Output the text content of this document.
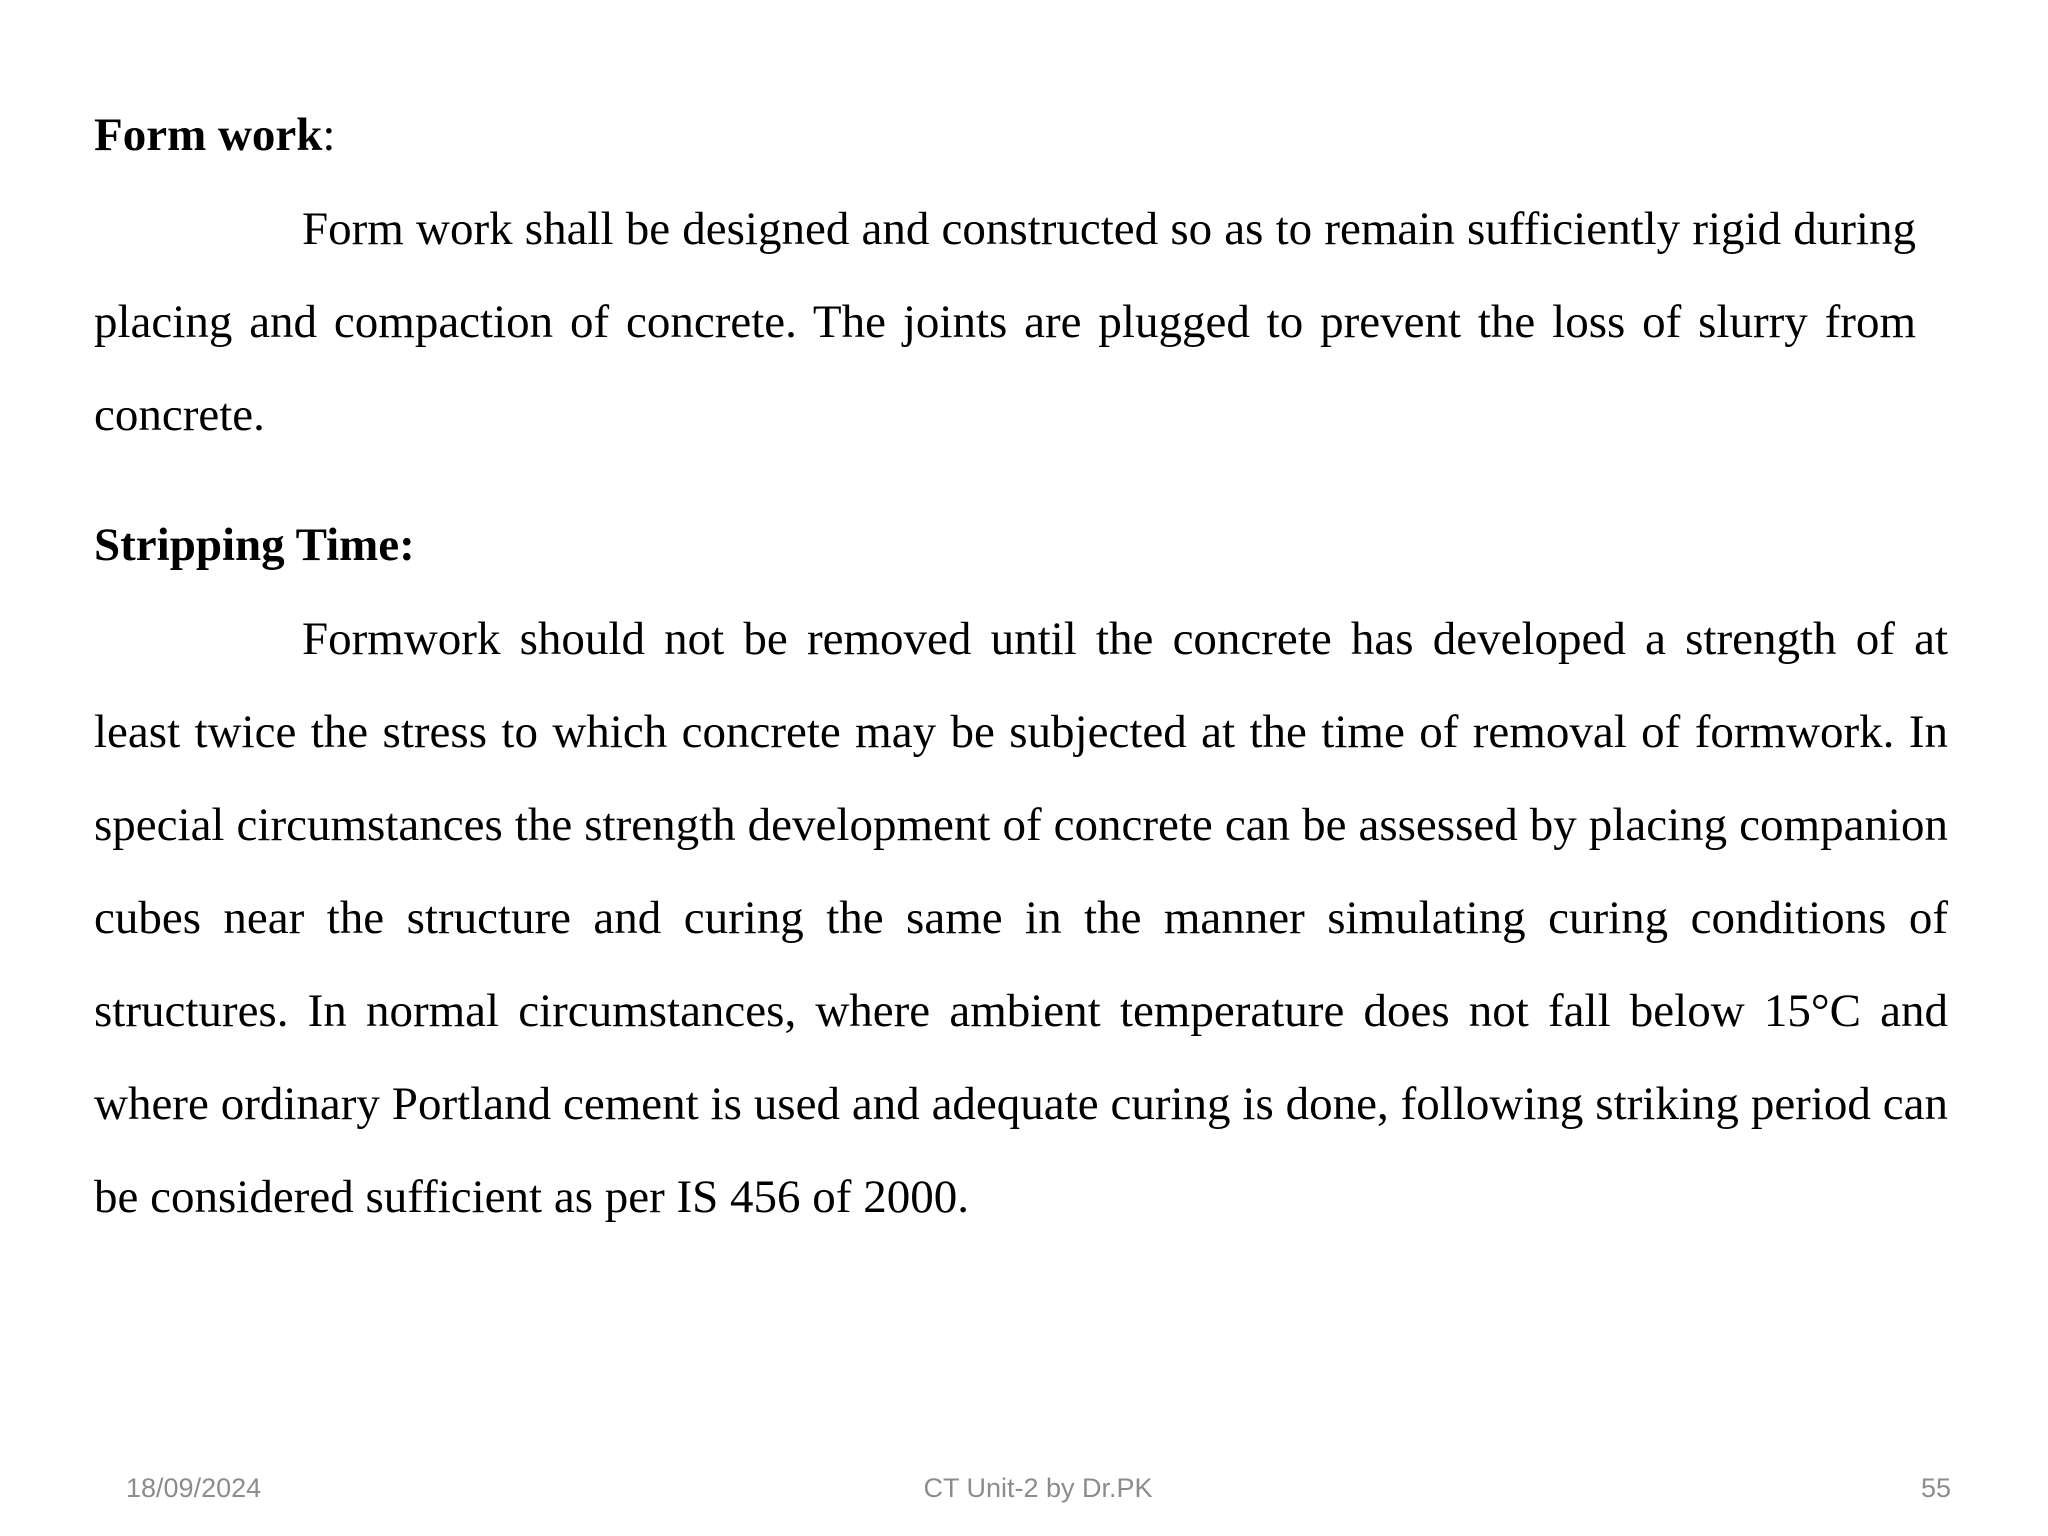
Form work:

Form work shall be designed and constructed so as to remain sufficiently rigid during placing and compaction of concrete. The joints are plugged to prevent the loss of slurry from concrete.

Stripping Time:

Formwork should not be removed until the concrete has developed a strength of at least twice the stress to which concrete may be subjected at the time of removal of formwork. In special circumstances the strength development of concrete can be assessed by placing companion cubes near the structure and curing the same in the manner simulating curing conditions of structures. In normal circumstances, where ambient temperature does not fall below 15°C and where ordinary Portland cement is used and adequate curing is done, following striking period can be considered sufficient as per IS 456 of 2000.

18/09/2024	CT Unit-2 by Dr.PK	55
